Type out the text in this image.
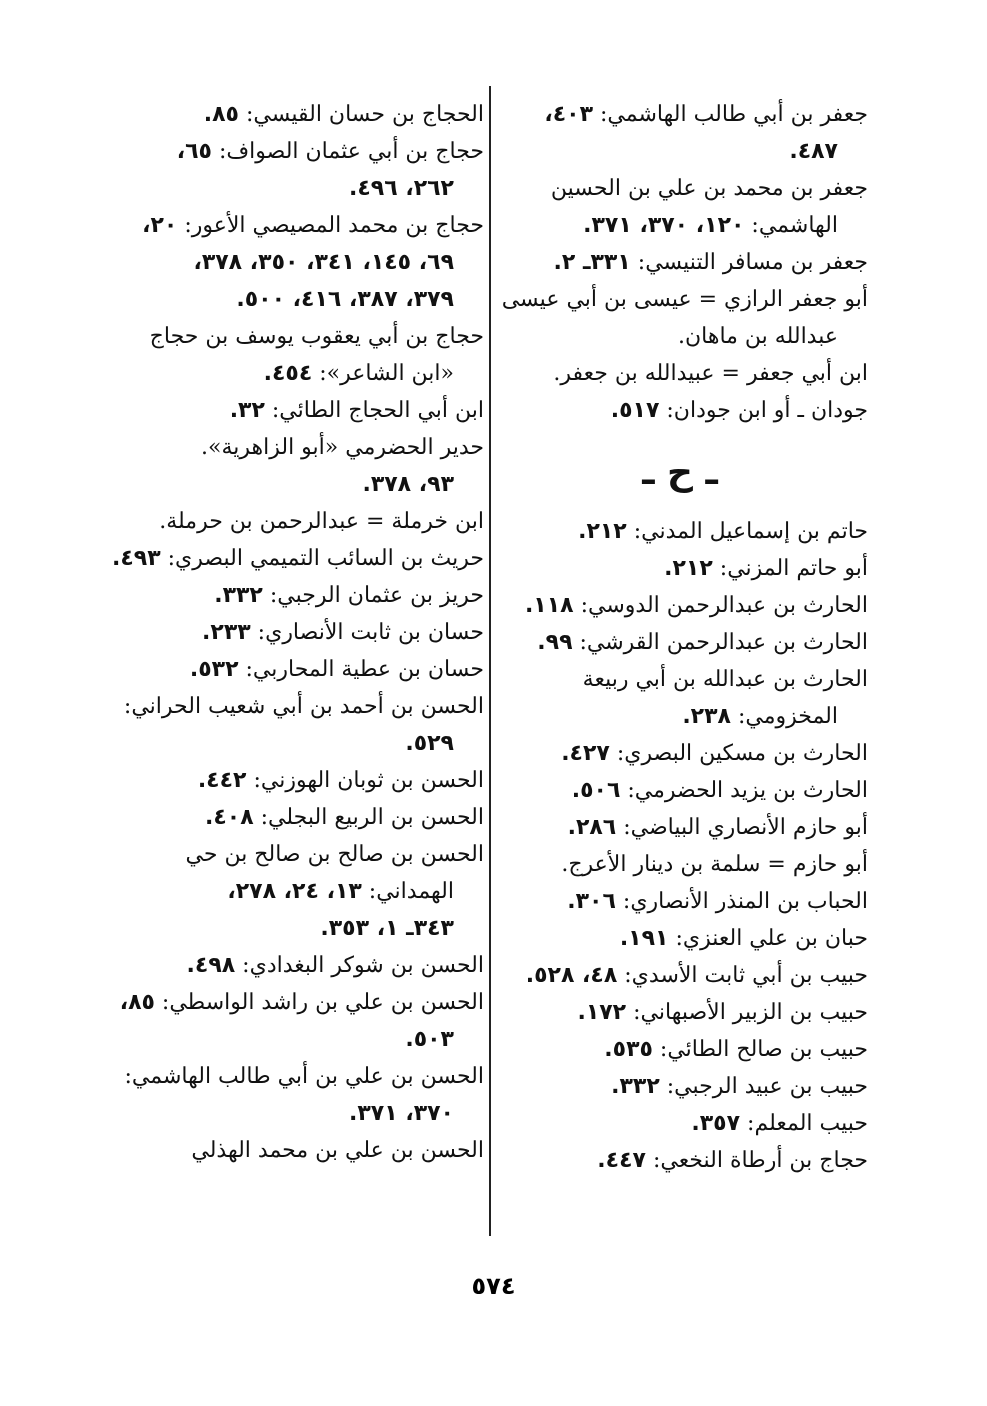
جعفر بن أبي طالب الهاشمي: ٤٠٣،
٤٨٧.
جعفر بن محمد بن علي بن الحسين
الهاشمي: ١٢٠، ٣٧٠، ٣٧١.
جعفر بن مسافر التنيسي: ٣٣١ـ ٢.
أبو جعفر الرازي = عيسى بن أبي عيسى
عبدالله بن ماهان.
ابن أبي جعفر = عبيدالله بن جعفر.
جودان ـ أو ابن جودان: ٥١٧.
ـ ح ـ
حاتم بن إسماعيل المدني: ٢١٢.
أبو حاتم المزني: ٢١٢.
الحارث بن عبدالرحمن الدوسي: ١١٨.
الحارث بن عبدالرحمن القرشي: ٩٩.
الحارث بن عبدالله بن أبي ربيعة
المخزومي: ٢٣٨.
الحارث بن مسكين البصري: ٤٢٧.
الحارث بن يزيد الحضرمي: ٥٠٦.
أبو حازم الأنصاري البياضي: ٢٨٦.
أبو حازم = سلمة بن دينار الأعرج.
الحباب بن المنذر الأنصاري: ٣٠٦.
حبان بن علي العنزي: ١٩١.
حبيب بن أبي ثابت الأسدي: ٤٨، ٥٢٨.
حبيب بن الزبير الأصبهاني: ١٧٢.
حبيب بن صالح الطائي: ٥٣٥.
حبيب بن عبيد الرجبي: ٣٣٢.
حبيب المعلم: ٣٥٧.
حجاج بن أرطاة النخعي: ٤٤٧.
الحجاج بن حسان القيسي: ٨٥.
حجاج بن أبي عثمان الصواف: ٦٥،
٢٦٢، ٤٩٦.
حجاج بن محمد المصيصي الأعور: ٢٠،
٦٩، ١٤٥، ٣٤١، ٣٥٠، ٣٧٨،
٣٧٩، ٣٨٧، ٤١٦، ٥٠٠.
حجاج بن أبي يعقوب يوسف بن حجاج
«ابن الشاعر»: ٤٥٤.
ابن أبي الحجاج الطائي: ٣٢.
حدير الحضرمي «أبو الزاهرية».
٩٣، ٣٧٨.
ابن خرملة = عبدالرحمن بن حرملة.
حريث بن السائب التميمي البصري: ٤٩٣.
حريز بن عثمان الرجبي: ٣٣٢.
حسان بن ثابت الأنصاري: ٢٣٣.
حسان بن عطية المحاربي: ٥٣٢.
الحسن بن أحمد بن أبي شعيب الحراني:
٥٢٩.
الحسن بن ثوبان الهوزني: ٤٤٢.
الحسن بن الربيع البجلي: ٤٠٨.
الحسن بن صالح بن صالح بن حي
الهمداني: ١٣، ٢٤، ٢٧٨،
٣٤٣ـ ١، ٣٥٣.
الحسن بن شوكر البغدادي: ٤٩٨.
الحسن بن علي بن راشد الواسطي: ٨٥،
٥٠٣.
الحسن بن علي بن أبي طالب الهاشمي:
٣٧٠، ٣٧١.
الحسن بن علي بن محمد الهذلي
٥٧٤
